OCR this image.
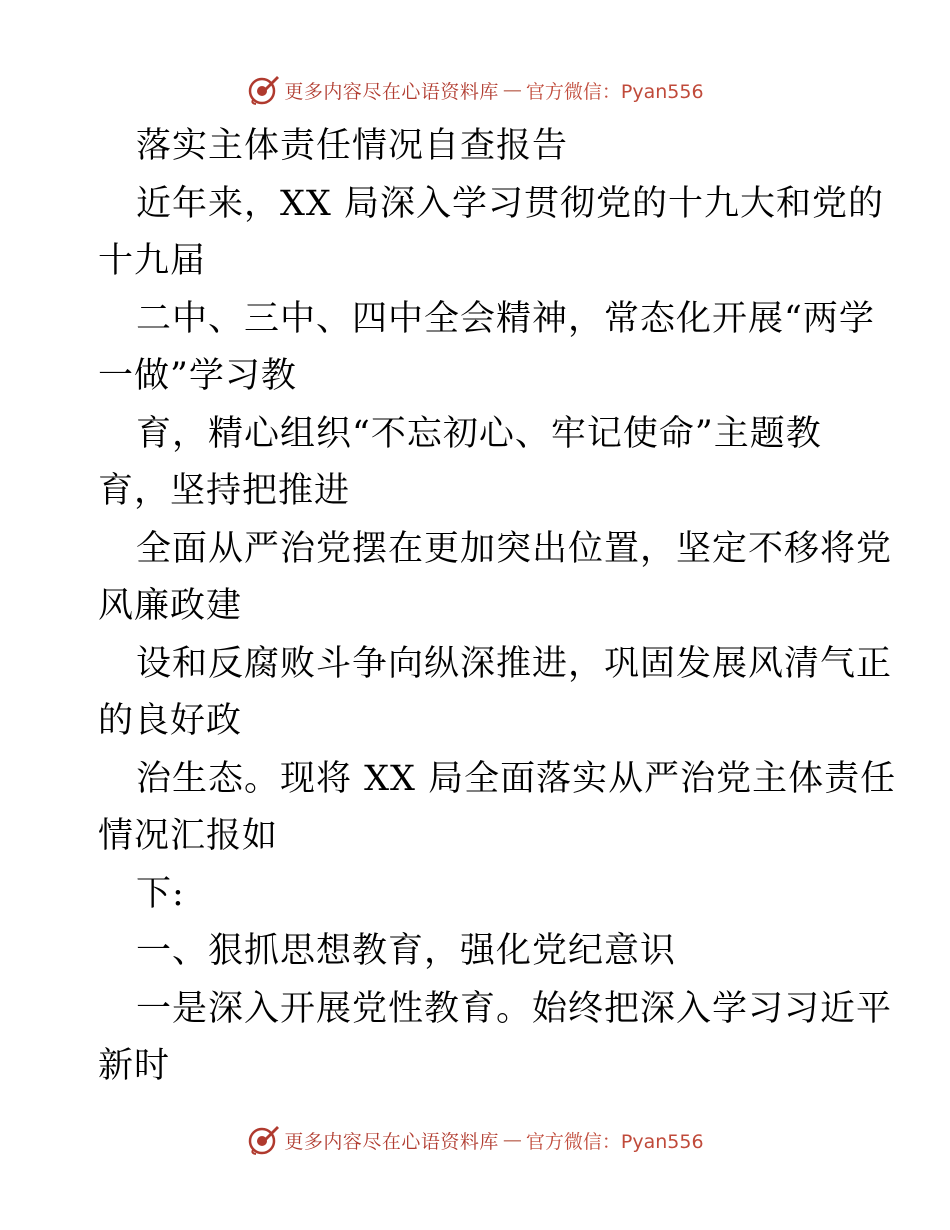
更多内容尽在心语资料库 — 官方微信：Pyan556
落实主体责任情况自查报告
近年来，XX 局深入学习贯彻党的十九大和党的
十九届
二中、三中、四中全会精神，常态化开展“两学
一做”学习教
育，精心组织“不忘初心、牢记使命”主题教
育，坚持把推进
全面从严治党摆在更加突出位置，坚定不移将党
风廉政建
设和反腐败斗争向纵深推进，巩固发展风清气正
的良好政
治生态。现将 XX 局全面落实从严治党主体责任
情况汇报如
下:
一、狠抓思想教育，强化党纪意识
一是深入开展党性教育。始终把深入学习习近平
新时
更多内容尽在心语资料库 — 官方微信：Pyan556
